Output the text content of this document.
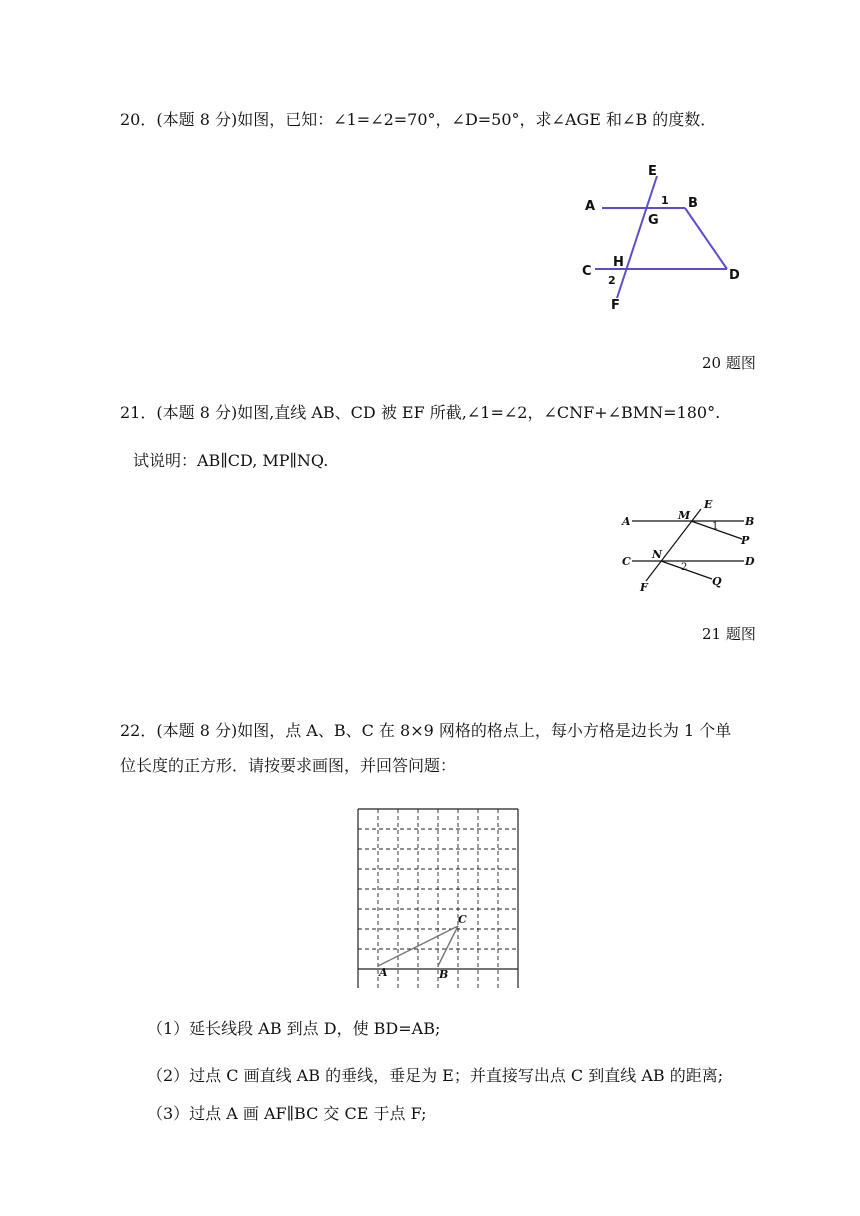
20．(本题 8 分)如图，已知：∠1=∠2=70°，∠D=50°，求∠AGE 和∠B 的度数．
E
A	1 B
G
H
C
2	D
F
20 题图
21．(本题 8 分)如图,直线 AB、CD 被 EF 所截,∠1=∠2，∠CNF+∠BMN=180°.
试说明：AB∥CD, MP∥NQ.
E
M
A	1 B
P
C
N
D
2
Q
F
21 题图
22．(本题 8 分)如图，点 A、B、C 在 8×9 网格的格点上，每小方格是边长为 1 个单
位长度的正方形．请按要求画图，并回答问题：
A	B
C
（1）延长线段 AB 到点 D，使 BD=AB;
（2）过点 C 画直线 AB 的垂线，垂足为 E；并直接写出点 C 到直线 AB 的距离;
（3）过点 A 画 AF∥BC 交 CE 于点 F;
